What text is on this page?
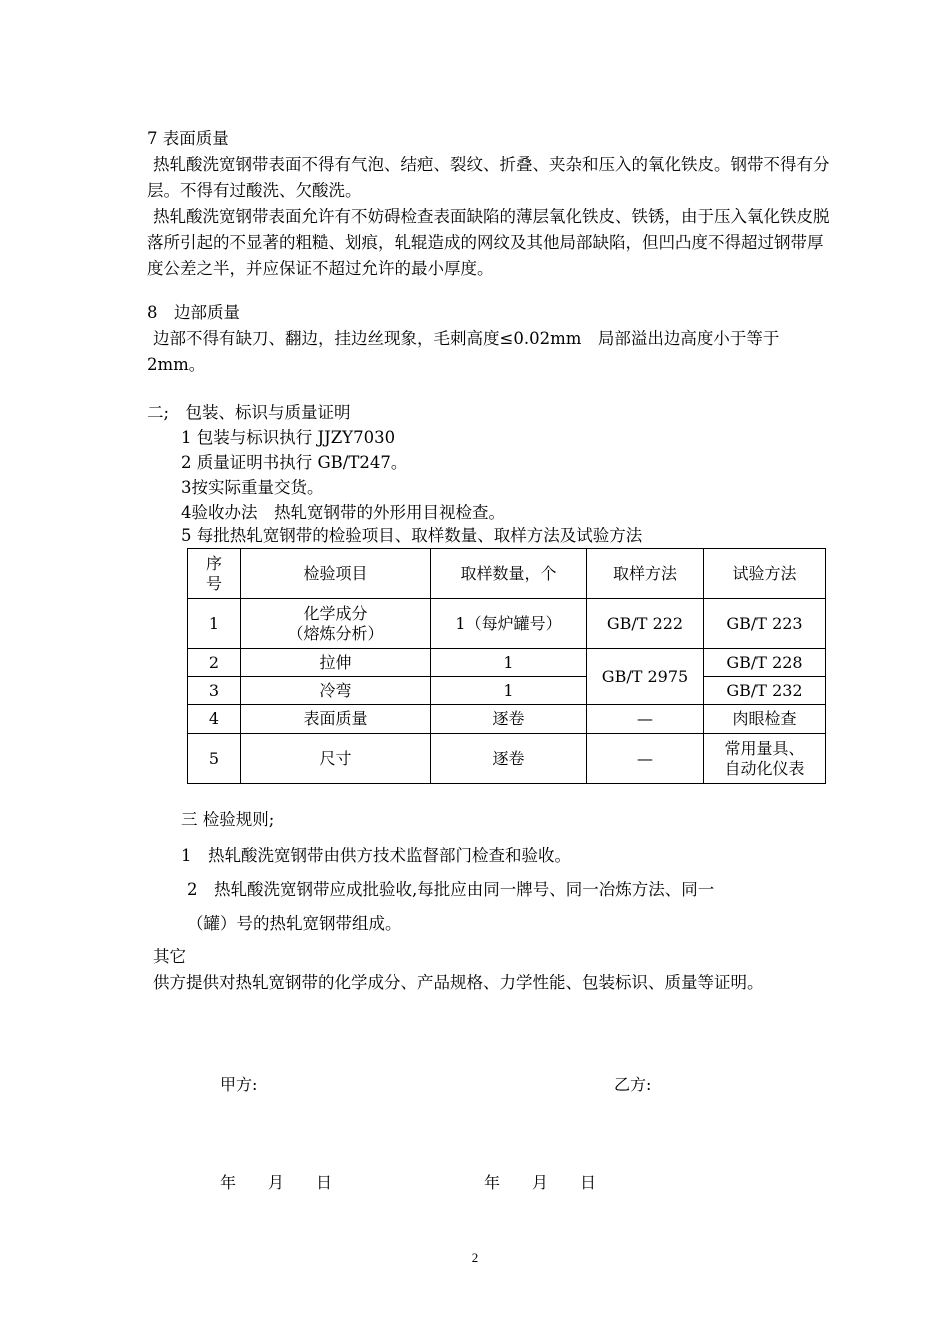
7 表面质量
热轧酸洗宽钢带表面不得有气泡、结疤、裂纹、折叠、夹杂和压入的氧化铁皮。钢带不得有分层。不得有过酸洗、欠酸洗。
热轧酸洗宽钢带表面允许有不妨碍检查表面缺陷的薄层氧化铁皮、铁锈，由于压入氧化铁皮脱落所引起的不显著的粗糙、划痕，轧辊造成的网纹及其他局部缺陷，但凹凸度不得超过钢带厚度公差之半，并应保证不超过允许的最小厚度。
8　边部质量
边部不得有缺刀、翻边，挂边丝现象，毛刺高度≤0.02mm　局部溢出边高度小于等于2mm。
二;　包装、标识与质量证明
1 包装与标识执行 JJZY7030
2 质量证明书执行 GB/T247。
3按实际重量交货。
4验收办法　热轧宽钢带的外形用目视检查。
5 每批热轧宽钢带的检验项目、取样数量、取样方法及试验方法
序
号	检验项目	取样数量，个	取样方法	试验方法
1	化学成分
（熔炼分析）	1（每炉罐号）	GB/T 222	GB/T 223
2	拉伸	1	GB/T 2975	GB/T 228
3	冷弯	1		GB/T 232
4	表面质量	逐卷	—	肉眼检查
5	尺寸	逐卷	—	常用量具、
自动化仪表
三 检验规则;
1　热轧酸洗宽钢带由供方技术监督部门检查和验收。
2　热轧酸洗宽钢带应成批验收,每批应由同一牌号、同一冶炼方法、同一
（罐）号的热轧宽钢带组成。
其它
供方提供对热轧宽钢带的化学成分、产品规格、力学性能、包装标识、质量等证明。
甲方:	乙方:
年　　月　　日	年　　月　　日
2
